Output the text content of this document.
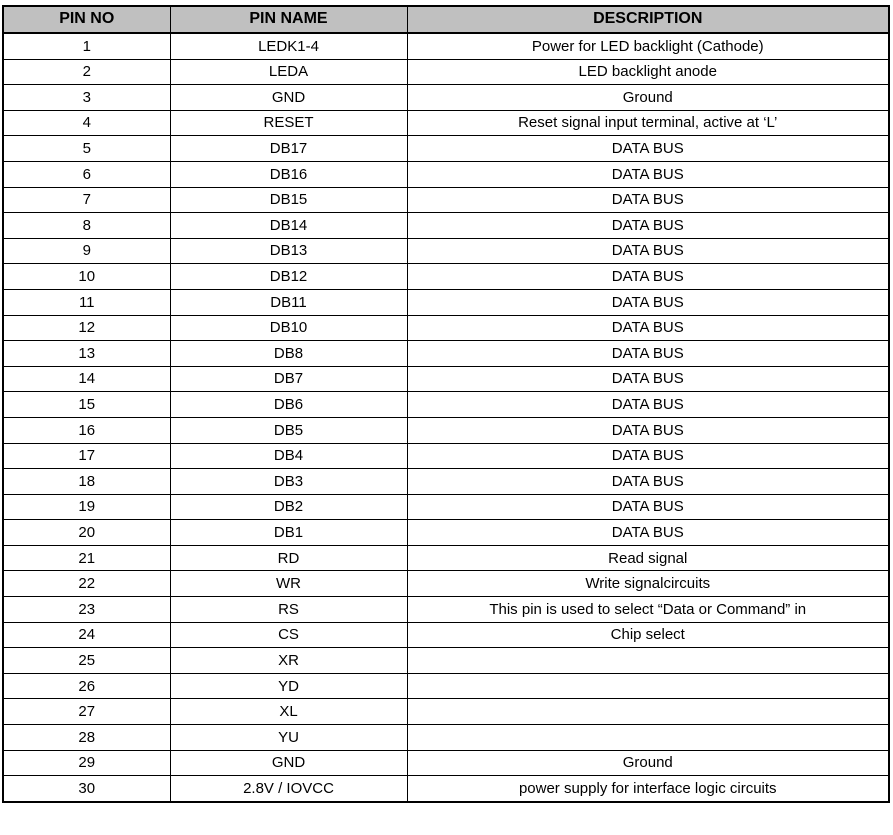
PIN NO	PIN NAME	DESCRIPTION
1	LEDK1-4	Power for LED backlight (Cathode)
2	LEDA	LED backlight anode
3	GND	Ground
4	RESET	Reset signal input terminal, active at ‘L’
5	DB17	DATA BUS
6	DB16	DATA BUS
7	DB15	DATA BUS
8	DB14	DATA BUS
9	DB13	DATA BUS
10	DB12	DATA BUS
11	DB11	DATA BUS
12	DB10	DATA BUS
13	DB8	DATA BUS
14	DB7	DATA BUS
15	DB6	DATA BUS
16	DB5	DATA BUS
17	DB4	DATA BUS
18	DB3	DATA BUS
19	DB2	DATA BUS
20	DB1	DATA BUS
21	RD	Read signal
22	WR	Write signalcircuits
23	RS	This pin is used to select “Data or Command” in
24	CS	Chip select
25	XR	
26	YD	
27	XL	
28	YU	
29	GND	Ground
30	2.8V / IOVCC	power supply for interface logic circuits
